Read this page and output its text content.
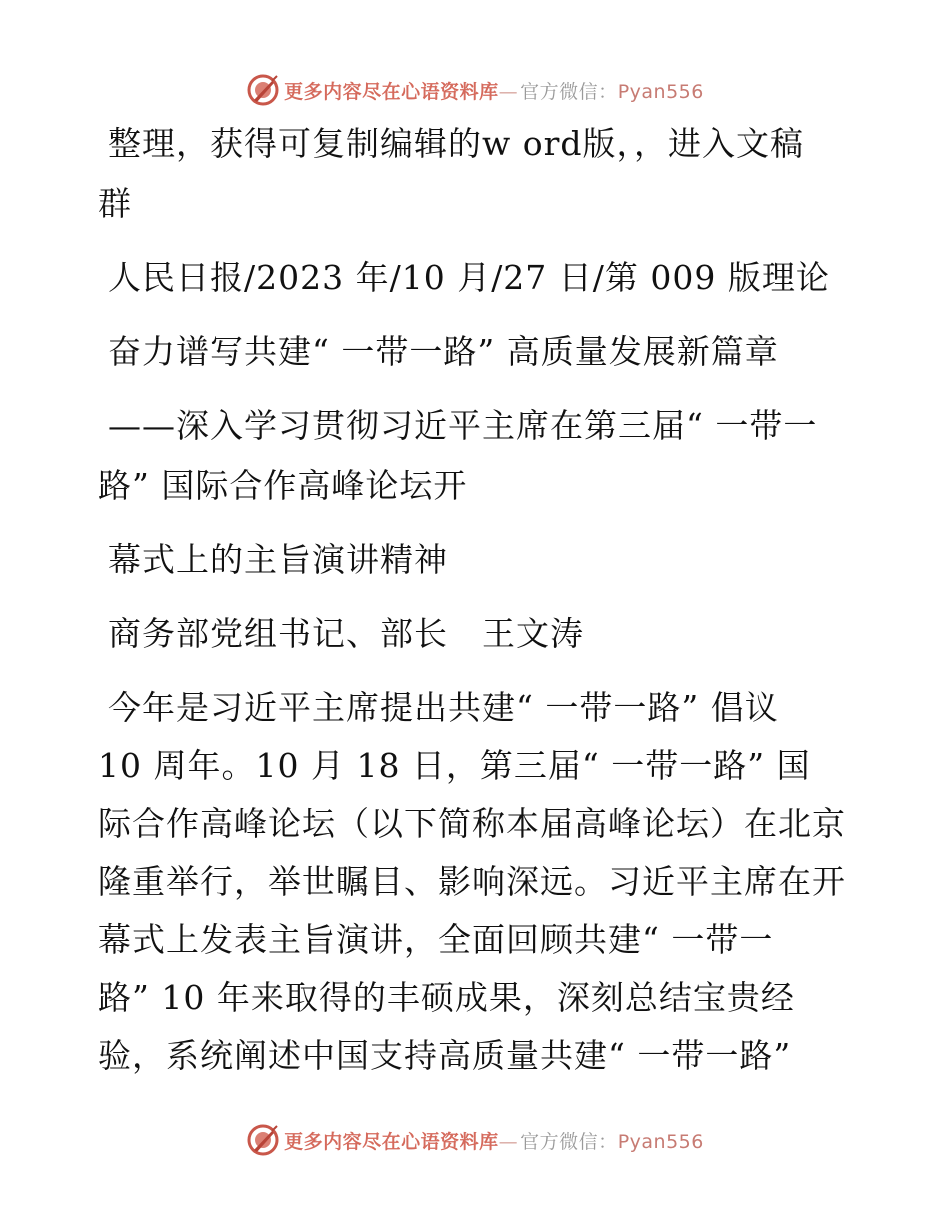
更多内容尽在心语资料库— 官方微信：Pyan556
整理，获得可复制编辑的w ord版，，进入文稿
群
人民日报/2023 年/10 月/27 日/第 009 版理论
奋力谱写共建“ 一带一路” 高质量发展新篇章
——深入学习贯彻习近平主席在第三届“ 一带一
路” 国际合作高峰论坛开
幕式上的主旨演讲精神
商务部党组书记、部长　王文涛
今年是习近平主席提出共建“ 一带一路” 倡议
10 周年。10 月 18 日，第三届“ 一带一路” 国
际合作高峰论坛（以下简称本届高峰论坛）在北京
隆重举行，举世瞩目、影响深远。习近平主席在开
幕式上发表主旨演讲，全面回顾共建“ 一带一
路” 10 年来取得的丰硕成果，深刻总结宝贵经
验，系统阐述中国支持高质量共建“ 一带一路”
更多内容尽在心语资料库— 官方微信：Pyan556
